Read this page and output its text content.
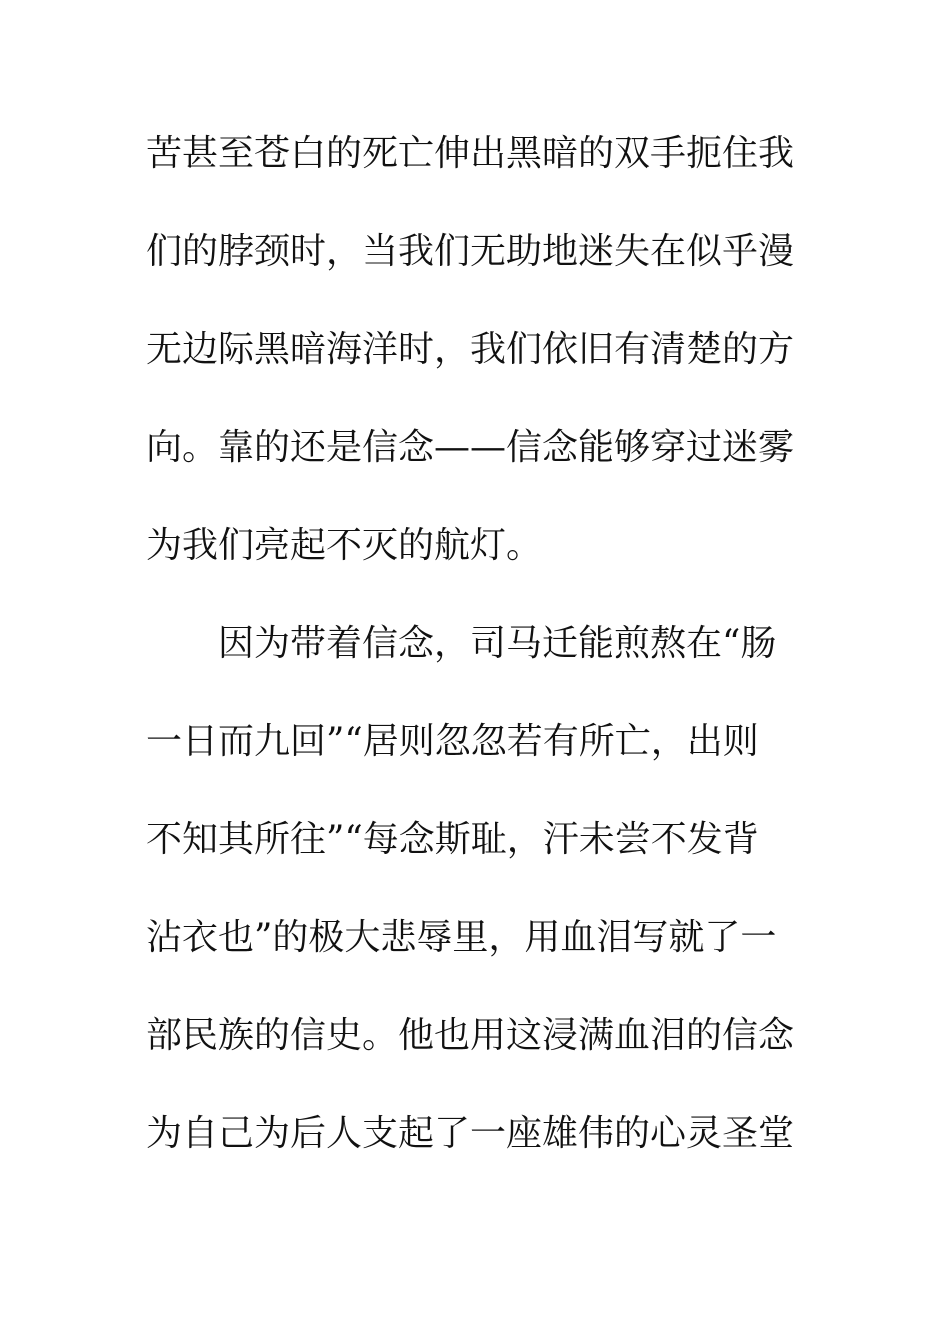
苦甚至苍白的死亡伸出黑暗的双手扼住我
们的脖颈时，当我们无助地迷失在似乎漫
无边际黑暗海洋时，我们依旧有清楚的方
向。靠的还是信念——信念能够穿过迷雾
为我们亮起不灭的航灯。
因为带着信念，司马迁能煎熬在“肠
一日而九回”“居则忽忽若有所亡，出则
不知其所往”“每念斯耻，汗未尝不发背
沾衣也”的极大悲辱里，用血泪写就了一
部民族的信史。他也用这浸满血泪的信念
为自己为后人支起了一座雄伟的心灵圣堂
